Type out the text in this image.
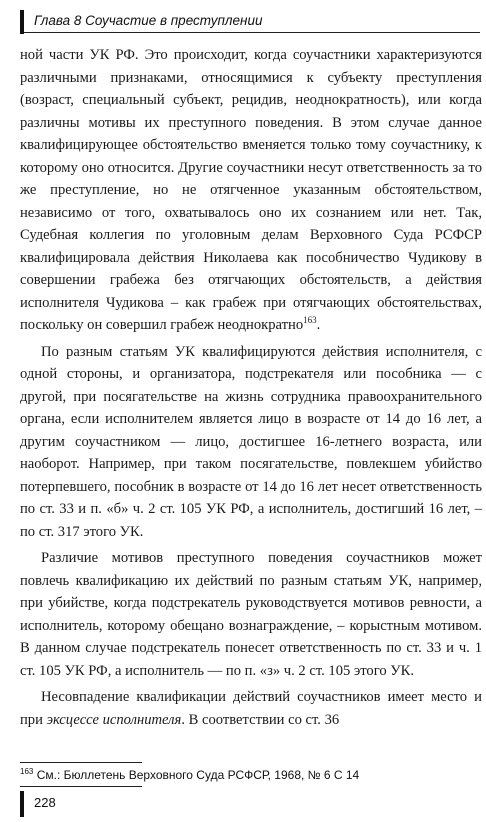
Глава 8 Соучастие в преступлении

ной части УК РФ. Это происходит, когда соучастники характеризуются различными признаками, относящимися к субъекту преступления (возраст, специальный субъект, рецидив, неоднократность), или когда различны мотивы их преступного поведения. В этом случае данное квалифицирующее обстоятельство вменяется только тому соучастнику, к которому оно относится. Другие соучастники несут ответственность за то же преступление, но не отягченное указанным обстоятельством, независимо от того, охватывалось оно их сознанием или нет. Так, Судебная коллегия по уголовным делам Верховного Суда РСФСР квалифицировала действия Николаева как пособничество Чудикову в совершении грабежа без отягчающих обстоятельств, а действия исполнителя Чудикова – как грабеж при отягчающих обстоятельствах, поскольку он совершил грабеж неоднократно$^{163}$.

По разным статьям УК квалифицируются действия исполнителя, с одной стороны, и организатора, подстрекателя или пособника — с другой, при посягательстве на жизнь сотрудника правоохранительного органа, если исполнителем является лицо в возрасте от 14 до 16 лет, а другим соучастником — лицо, достигшее 16-летнего возраста, или наоборот. Например, при таком посягательстве, повлекшем убийство потерпевшего, пособник в возрасте от 14 до 16 лет несет ответственность по ст. 33 и п. «б» ч. 2 ст. 105 УК РФ, а исполнитель, достигший 16 лет, – по ст. 317 этого УК.

Различие мотивов преступного поведения соучастников может повлечь квалификацию их действий по разным статьям УК, например, при убийстве, когда подстрекатель руководствуется мотивов ревности, а исполнитель, которому обещано вознаграждение, – корыстным мотивом. В данном случае подстрекатель понесет ответственность по ст. 33 и ч. 1 ст. 105 УК РФ, а исполнитель — по п. «з» ч. 2 ст. 105 этого УК.

Несовпадение квалификации действий соучастников имеет место и при эксцессе исполнителя. В соответствии со ст. 36

$^{163}$ См.: Бюллетень Верховного Суда РСФСР, 1968, № 6 С 14
228
